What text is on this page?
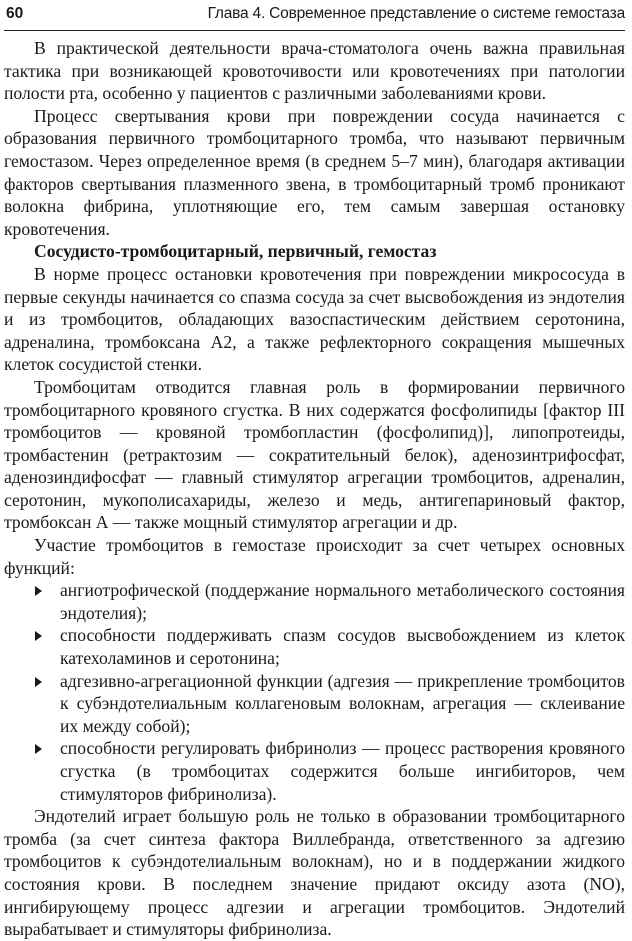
60	Глава 4. Современное представление о системе гемостаза

В практической деятельности врача-стоматолога очень важна правильная тактика при возникающей кровоточивости или кровотечениях при патологии полости рта, особенно у пациентов с различными заболеваниями крови.

Процесс свертывания крови при повреждении сосуда начинается с образования первичного тромбоцитарного тромба, что называют первичным гемостазом. Через определенное время (в среднем 5–7 мин), благодаря активации факторов свертывания плазменного звена, в тромбоцитарный тромб проникают волокна фибрина, уплотняющие его, тем самым завершая остановку кровотечения.

Сосудисто-тромбоцитарный, первичный, гемостаз

В норме процесс остановки кровотечения при повреждении микрососуда в первые секунды начинается со спазма сосуда за счет высвобождения из эндотелия и из тромбоцитов, обладающих вазоспастическим действием серотонина, адреналина, тромбоксана А2, а также рефлекторного сокращения мышечных клеток сосудистой стенки.

Тромбоцитам отводится главная роль в формировании первичного тромбоцитарного кровяного сгустка. В них содержатся фосфолипиды [фактор III тромбоцитов — кровяной тромбопластин (фосфолипид)], липопротеиды, тромбастенин (ретрактозим — сократительный белок), аденозинтрифосфат, аденозиндифосфат — главный стимулятор агрегации тромбоцитов, адреналин, серотонин, мукополисахариды, железо и медь, антигепариновый фактор, тромбоксан А — также мощный стимулятор агрегации и др.

Участие тромбоцитов в гемостазе происходит за счет четырех основных функций:

ангиотрофической (поддержание нормального метаболического состояния эндотелия);
способности поддерживать спазм сосудов высвобождением из клеток катехоламинов и серотонина;
адгезивно-агрегационной функции (адгезия — прикрепление тромбоцитов к субэндотелиальным коллагеновым волокнам, агрегация — склеивание их между собой);
способности регулировать фибринолиз — процесс растворения кровяного сгустка (в тромбоцитах содержится больше ингибиторов, чем стимуляторов фибринолиза).

Эндотелий играет большую роль не только в образовании тромбоцитарного тромба (за счет синтеза фактора Виллебранда, ответственного за адгезию тромбоцитов к субэндотелиальным волокнам), но и в поддержании жидкого состояния крови. В последнем значение придают оксиду азота (NO), ингибирующему процесс адгезии и агрегации тромбоцитов. Эндотелий вырабатывает и стимуляторы фибринолиза.
